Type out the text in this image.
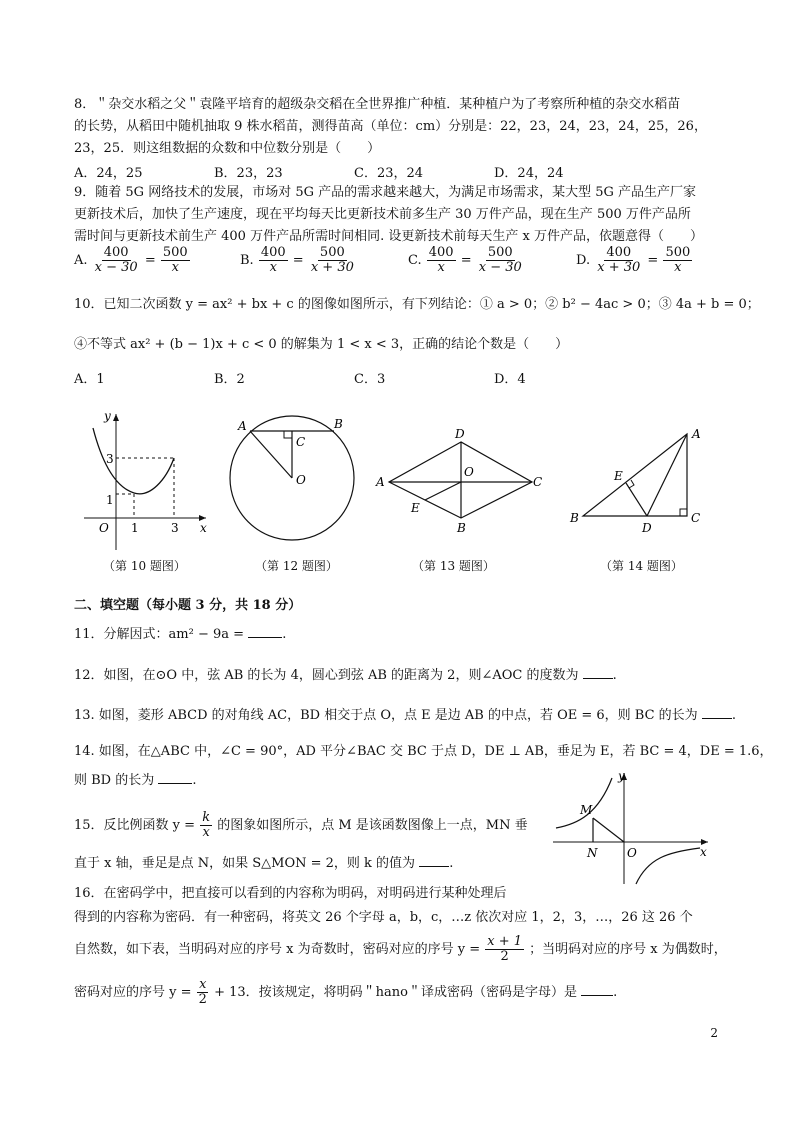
8．＂杂交水稻之父＂袁隆平培育的超级杂交稻在全世界推广种植．某种植户为了考察所种植的杂交水稻苗
的长势，从稻田中随机抽取 9 株水稻苗，测得苗高（单位：cm）分别是：22，23，24，23，24，25，26，
23，25．则这组数据的众数和中位数分别是（　　）
A．24，25	B．23，23	C．23，24	D．24，24
9．随着 5G 网络技术的发展，市场对 5G 产品的需求越来越大，为满足市场需求，某大型 5G 产品生产厂家
更新技术后，加快了生产速度，现在平均每天比更新技术前多生产 30 万件产品，现在生产 500 万件产品所
需时间与更新技术前生产 400 万件产品所需时间相同. 设更新技术前每天生产 x 万件产品，依题意得（　　）
A. $\frac{400}{x - 30} = \frac{500}{x}$	B. $\frac{400}{x} = \frac{500}{x + 30}$	C. $\frac{400}{x} = \frac{500}{x - 30}$	D. $\frac{400}{x + 30} = \frac{500}{x}$
10．已知二次函数 y = ax² + bx + c 的图像如图所示，有下列结论：① a > 0；② b² − 4ac > 0；③ 4a + b = 0；
④不等式 ax² + (b − 1)x + c < 0 的解集为 1 < x < 3，正确的结论个数是（　　）
A．1	B．2	C．3	D．4
y
3
1
O 1	3 x
A	B
C
O
D
O
A	C
E
B
A
E
B
D
C
（第 10 题图）	（第 12 题图）	（第 13 题图）	（第 14 题图）
二、填空题（每小题 3 分，共 18 分）
11．分解因式：am² − 9a =	.
12．如图，在⊙O 中，弦 AB 的长为 4，圆心到弦 AB 的距离为 2，则∠AOC 的度数为	.
13. 如图，菱形 ABCD 的对角线 AC，BD 相交于点 O，点 E 是边 AB 的中点，若 OE = 6，则 BC 的长为	.
14. 如图，在△ABC 中，∠C = 90°，AD 平分∠BAC 交 BC 于点 D，DE ⊥ AB，垂足为 E，若 BC = 4，DE = 1.6，
则 BD 的长为	.
15．反比例函数 $y = \frac{k}{x}$ 的图象如图所示，点 M 是该函数图像上一点，MN 垂
直于 x 轴，垂足是点 N，如果 S△MON = 2，则 k 的值为	.
y
M
N O	x
16．在密码学中，把直接可以看到的内容称为明码，对明码进行某种处理后
得到的内容称为密码．有一种密码，将英文 26 个字母 a，b，c，…z 依次对应 1，2，3，…，26 这 26 个
自然数，如下表，当明码对应的序号 x 为奇数时，密码对应的序号 $y = \frac{x + 1}{2}$ ；当明码对应的序号 x 为偶数时，
密码对应的序号 $y = \frac{x}{2} + 13$．按该规定，将明码＂hano＂译成密码（密码是字母）是	.
2
